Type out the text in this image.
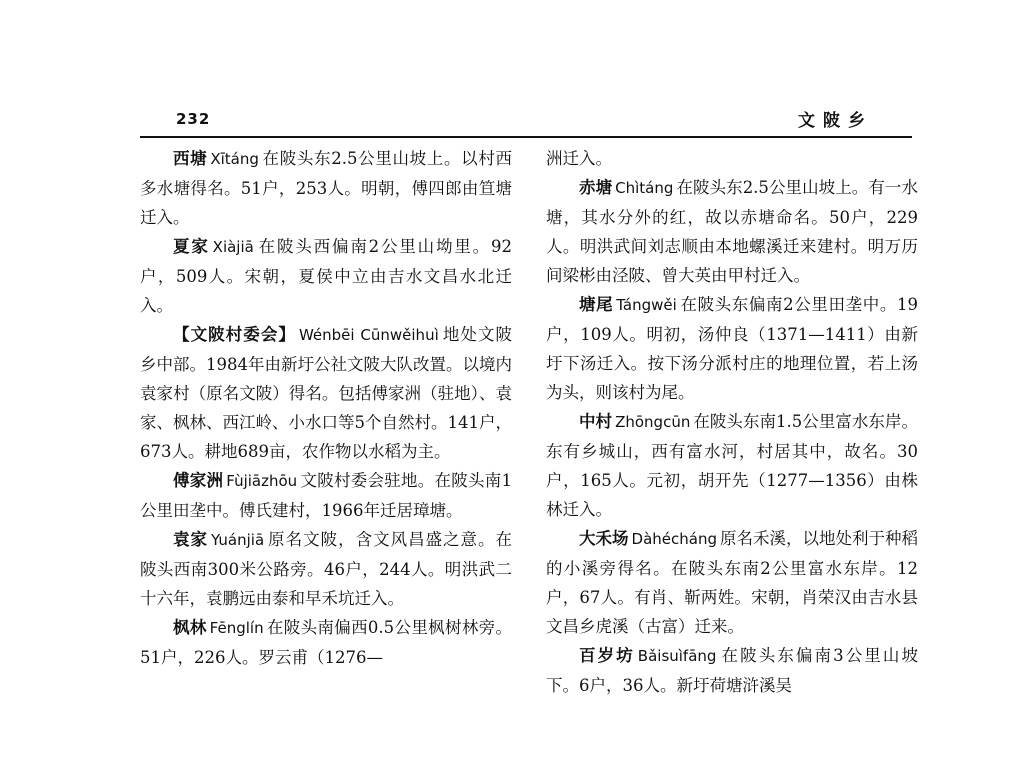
232	文陂乡

西塘 Xītáng 在陂头东2.5公里山坡上。以村西多水塘得名。51户，253人。明朝，傅四郎由笪塘迁入。

夏家 Xiàjiā 在陂头西偏南2公里山坳里。92户，509人。宋朝，夏侯中立由吉水文昌水北迁入。

【文陂村委会】 Wénbēi Cūnwěihuì 地处文陂乡中部。1984年由新圩公社文陂大队改置。以境内袁家村（原名文陂）得名。包括傅家洲（驻地）、袁家、枫林、西江岭、小水口等5个自然村。141户，673人。耕地689亩，农作物以水稻为主。

傅家洲 Fùjiāzhōu 文陂村委会驻地。在陂头南1公里田垄中。傅氏建村，1966年迁居璋塘。

袁家 Yuánjiā 原名文陂，含文风昌盛之意。在陂头西南300米公路旁。46户，244人。明洪武二十六年，袁鹏远由泰和早禾坑迁入。

枫林 Fēnglín 在陂头南偏西0.5公里枫树林旁。51户，226人。罗云甫（1276—

洲迁入。

赤塘 Chìtáng 在陂头东2.5公里山坡上。有一水塘，其水分外的红，故以赤塘命名。50户，229人。明洪武间刘志顺由本地螺溪迁来建村。明万历间梁彬由泾陂、曾大英由甲村迁入。

塘尾 Tángwěi 在陂头东偏南2公里田垄中。19户，109人。明初，汤仲良（1371—1411）由新圩下汤迁入。按下汤分派村庄的地理位置，若上汤为头，则该村为尾。

中村 Zhōngcūn 在陂头东南1.5公里富水东岸。东有乡城山，西有富水河，村居其中，故名。30户，165人。元初，胡开先（1277—1356）由株林迁入。

大禾场 Dàhécháng 原名禾溪，以地处利于种稻的小溪旁得名。在陂头东南2公里富水东岸。12户，67人。有肖、靳两姓。宋朝，肖荣汉由吉水县文昌乡虎溪（古富）迁来。

百岁坊 Bǎisuìfāng 在陂头东偏南3公里山坡下。6户，36人。新圩荷塘浒溪吴
